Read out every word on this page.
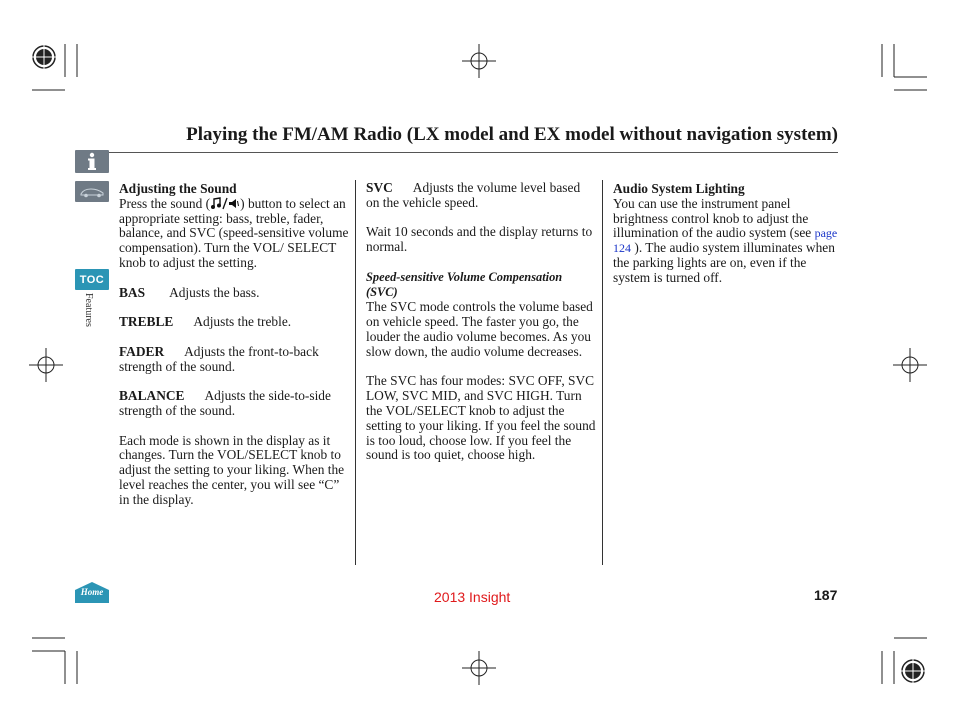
Playing the FM/AM Radio (LX model and EX model without navigation system)
TOC
Features
Home
Adjusting the Sound

Press the sound ( ) button to select an appropriate setting: bass, treble, fader, balance, and SVC (speed-sensitive volume compensation). Turn the VOL/ SELECT knob to adjust the setting.

BAS Adjusts the bass.

TREBLE Adjusts the treble.

FADER Adjusts the front-to-back strength of the sound.

BALANCE Adjusts the side-to-side strength of the sound.

Each mode is shown in the display as it changes. Turn the VOL/SELECT knob to adjust the setting to your liking. When the level reaches the center, you will see “C” in the display.

SVC Adjusts the volume level based on the vehicle speed.

Wait 10 seconds and the display returns to normal.

Speed-sensitive Volume Compensation (SVC)

The SVC mode controls the volume based on vehicle speed. The faster you go, the louder the audio volume becomes. As you slow down, the audio volume decreases.

The SVC has four modes: SVC OFF, SVC LOW, SVC MID, and SVC HIGH. Turn the VOL/SELECT knob to adjust the setting to your liking. If you feel the sound is too loud, choose low. If you feel the sound is too quiet, choose high.

Audio System Lighting

You can use the instrument panel brightness control knob to adjust the illumination of the audio system (see page 124 ). The audio system illuminates when the parking lights are on, even if the system is turned off.

2013 Insight	187
